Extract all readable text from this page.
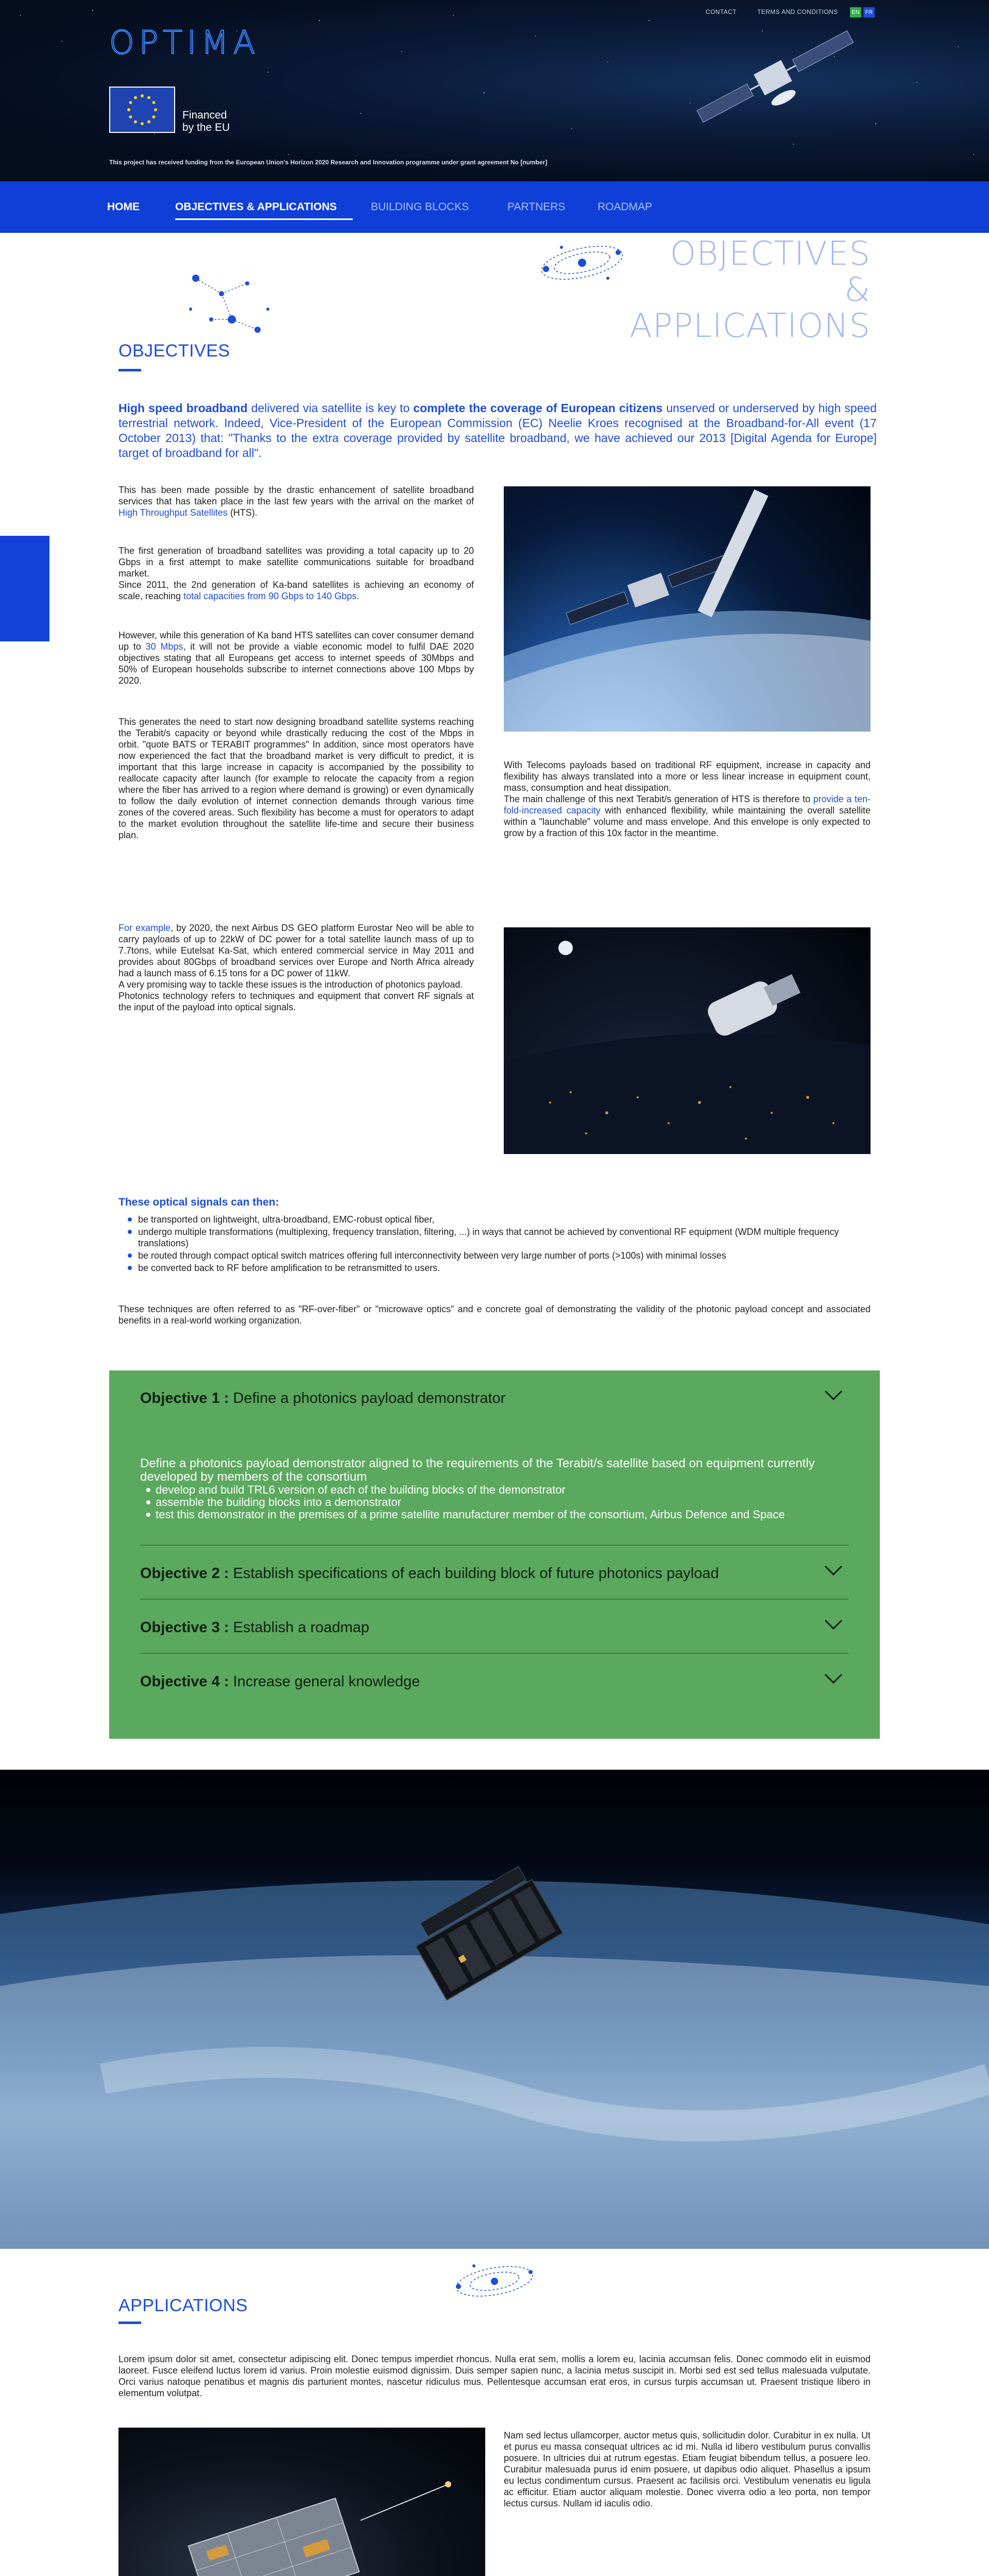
OPTIMA
Financed
by the EU
This project has received funding from the European Union's Horizon 2020 Research and Innovation programme under grant agreement No [number]
CONTACT	TERMS AND CONDITIONS	EN	FR
HOME	OBJECTIVES & APPLICATIONS	BUILDING BLOCKS	PARTNERS	ROADMAP
OBJECTIVES
& APPLICATIONS
OBJECTIVES
High speed broadband delivered via satellite is key to complete the coverage of European citizens unserved or underserved by high speed terrestrial network. Indeed, Vice-President of the European Commission (EC) Neelie Kroes recognised at the Broadband-for-All event (17 October 2013) that: "Thanks to the extra coverage provided by satellite broadband, we have achieved our 2013 [Digital Agenda for Europe] target of broadband for all".
This has been made possible by the drastic enhancement of satellite broadband services that has taken place in the last few years with the arrival on the market of High Throughput Satellites (HTS).
The first generation of broadband satellites was providing a total capacity up to 20 Gbps in a first attempt to make satellite communications suitable for broadband market.
Since 2011, the 2nd generation of Ka-band satellites is achieving an economy of scale, reaching total capacities from 90 Gbps to 140 Gbps.
However, while this generation of Ka band HTS satellites can cover consumer demand up to 30 Mbps, it will not be provide a viable economic model to fulfil DAE 2020 objectives stating that all Europeans get access to internet speeds of 30Mbps and 50% of European households subscribe to internet connections above 100 Mbps by 2020.
This generates the need to start now designing broadband satellite systems reaching the Terabit/s capacity or beyond while drastically reducing the cost of the Mbps in orbit. "quote BATS or TERABIT programmes" In addition, since most operators have now experienced the fact that the broadband market is very difficult to predict, it is important that this large increase in capacity is accompanied by the possibility to reallocate capacity after launch (for example to relocate the capacity from a region where the fiber has arrived to a region where demand is growing) or even dynamically to follow the daily evolution of internet connection demands through various time zones of the covered areas. Such flexibility has become a must for operators to adapt to the market evolution throughout the satellite life-time and secure their business plan.
With Telecoms payloads based on traditional RF equipment, increase in capacity and flexibility has always translated into a more or less linear increase in equipment count, mass, consumption and heat dissipation.
The main challenge of this next Terabit/s generation of HTS is therefore to provide a ten-fold-increased capacity with enhanced flexibility, while maintaining the overall satellite within a "launchable" volume and mass envelope. And this envelope is only expected to grow by a fraction of this 10x factor in the meantime.
For example, by 2020, the next Airbus DS GEO platform Eurostar Neo will be able to carry payloads of up to 22kW of DC power for a total satellite launch mass of up to 7.7tons, while Eutelsat Ka-Sat, which entered commercial service in May 2011 and provides about 80Gbps of broadband services over Europe and North Africa already had a launch mass of 6.15 tons for a DC power of 11kW.
A very promising way to tackle these issues is the introduction of photonics payload.
Photonics technology refers to techniques and equipment that convert RF signals at the input of the payload into optical signals.
These optical signals can then:
be transported on lightweight, ultra-broadband, EMC-robust optical fiber,
undergo multiple transformations (multiplexing, frequency translation, filtering, ...) in ways that cannot be achieved by conventional RF equipment (WDM multiple frequency translations)
be routed through compact optical switch matrices offering full interconnectivity between very large number of ports (>100s) with minimal losses
be converted back to RF before amplification to be retransmitted to users.
These techniques are often referred to as "RF-over-fiber" or "microwave optics" and e concrete goal of demonstrating the validity of the photonic payload concept and associated benefits in a real-world working organization.
Objective 1 : Define a photonics payload demonstrator
Define a photonics payload demonstrator aligned to the requirements of the Terabit/s satellite based on equipment currently developed by members of the consortium
develop and build TRL6 version of each of the building blocks of the demonstrator
assemble the building blocks into a demonstrator
test this demonstrator in the premises of a prime satellite manufacturer member of the consortium, Airbus Defence and Space
Objective 2 : Establish specifications of each building block of future photonics payload
Objective 3 : Establish a roadmap
Objective 4 : Increase general knowledge
APPLICATIONS
Lorem ipsum dolor sit amet, consectetur adipiscing elit. Donec tempus imperdiet rhoncus. Nulla erat sem, mollis a lorem eu, lacinia accumsan felis. Donec commodo elit in euismod laoreet. Fusce eleifend luctus lorem id varius. Proin molestie euismod dignissim. Duis semper sapien nunc, a lacinia metus suscipit in. Morbi sed est sed tellus malesuada vulputate. Orci varius natoque penatibus et magnis dis parturient montes, nascetur ridiculus mus. Pellentesque accumsan erat eros, in cursus turpis accumsan ut. Praesent tristique libero in elementum volutpat.
Nam sed lectus ullamcorper, auctor metus quis, sollicitudin dolor. Curabitur in ex nulla. Ut et purus eu massa consequat ultrices ac id mi. Nulla id libero vestibulum purus convallis posuere. In ultricies dui at rutrum egestas. Etiam feugiat bibendum tellus, a posuere leo. Curabitur malesuada purus id enim posuere, ut dapibus odio aliquet. Phasellus a ipsum eu lectus condimentum cursus. Praesent ac facilisis orci. Vestibulum venenatis eu ligula ac efficitur. Etiam auctor aliquam molestie. Donec viverra odio a leo porta, non tempor lectus cursus. Nullam id iaculis odio.
